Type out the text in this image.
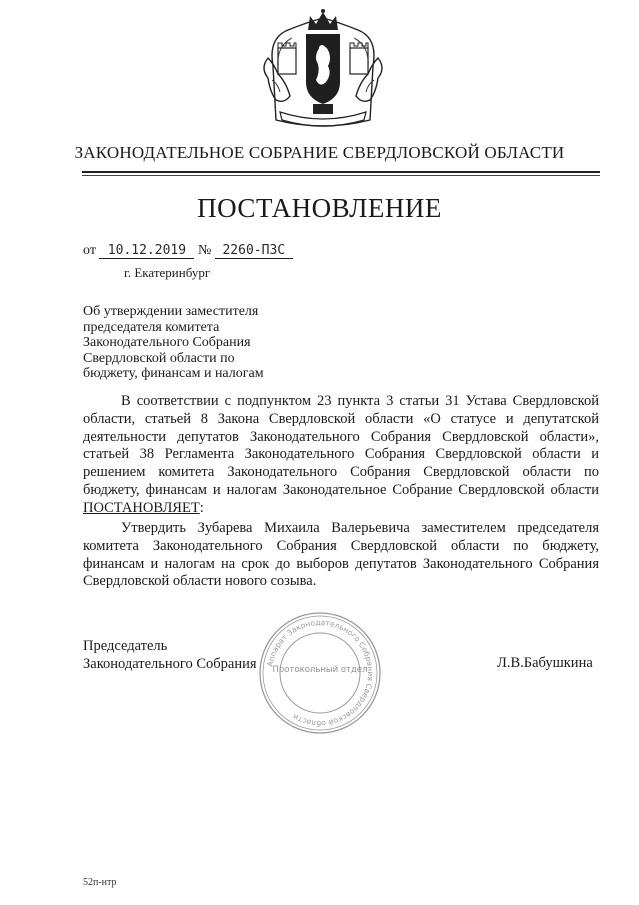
ЗАКОНОДАТЕЛЬНОЕ СОБРАНИЕ СВЕРДЛОВСКОЙ ОБЛАСТИ
ПОСТАНОВЛЕНИЕ
от 10.12.2019 № 2260-ПЗС
г. Екатеринбург
Об утверждении заместителя
председателя комитета
Законодательного Собрания
Свердловской области по
бюджету, финансам и налогам
В соответствии с подпунктом 23 пункта 3 статьи 31 Устава Свердловской области, статьей 8 Закона Свердловской области «О статусе и депутатской деятельности депутатов Законодательного Собрания Свердловской области», статьей 38 Регламента Законодательного Собрания Свердловской области и решением комитета Законодательного Собрания Свердловской области по бюджету, финансам и налогам Законодательное Собрание Свердловской области ПОСТАНОВЛЯЕТ:
Утвердить Зубарева Михаила Валерьевича заместителем председателя комитета Законодательного Собрания Свердловской области по бюджету, финансам и налогам на срок до выборов депутатов Законодательного Собрания Свердловской области нового созыва.
Аппарат Законодательного Собрания Свердловской области
Протокольный отдел
Председатель
Законодательного Собрания	Л.В.Бабушкина
52п-нтр
